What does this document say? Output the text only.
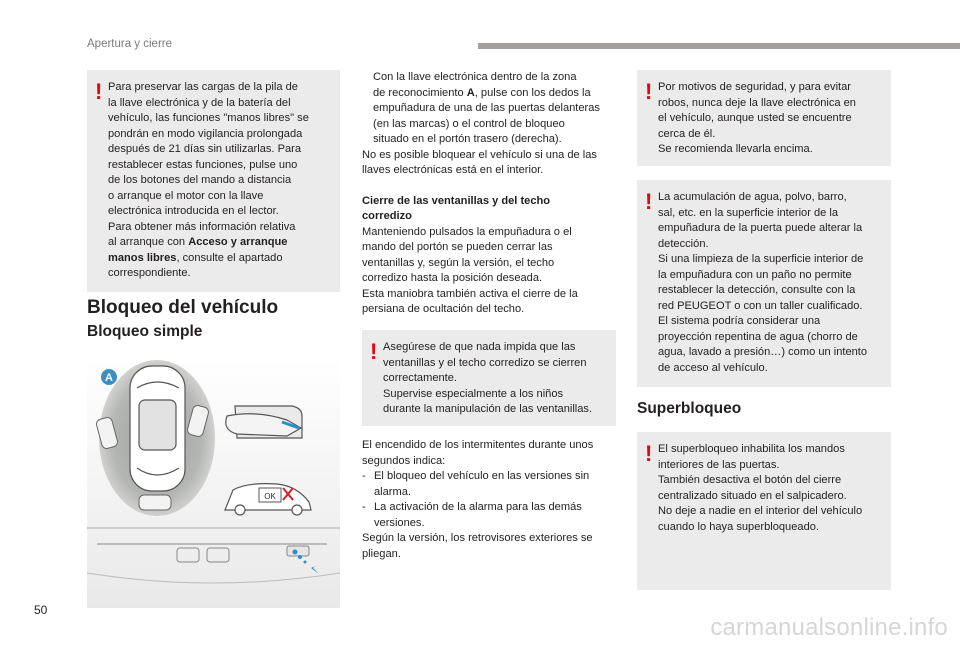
Apertura y cierre
! Para preservar las cargas de la pila de

la llave electrónica y de la batería del

vehículo, las funciones "manos libres" se

pondrán en modo vigilancia prolongada

después de 21 días sin utilizarlas. Para

restablecer estas funciones, pulse uno

de los botones del mando a distancia

o arranque el motor con la llave

electrónica introducida en el lector.

Para obtener más información relativa

al arranque con Acceso y arranque

manos libres, consulte el apartado

correspondiente.

Bloqueo del vehículo
Bloqueo simple
A
OK

Con la llave electrónica dentro de la zona

de reconocimiento A, pulse con los dedos la

empuñadura de una de las puertas delanteras

(en las marcas) o el control de bloqueo

situado en el portón trasero (derecha).

No es posible bloquear el vehículo si una de las

llaves electrónicas está en el interior.

Cierre de las ventanillas y del techo

corredizo

Manteniendo pulsados la empuñadura o el

mando del portón se pueden cerrar las

ventanillas y, según la versión, el techo

corredizo hasta la posición deseada.

Esta maniobra también activa el cierre de la

persiana de ocultación del techo.

! Asegúrese de que nada impida que las

ventanillas y el techo corredizo se cierren

correctamente.

Supervise especialmente a los niños

durante la manipulación de las ventanillas.

El encendido de los intermitentes durante unos

segundos indica:

- El bloqueo del vehículo en las versiones sin

alarma.

- La activación de la alarma para las demás

versiones.

Según la versión, los retrovisores exteriores se

pliegan.

! Por motivos de seguridad, y para evitar

robos, nunca deje la llave electrónica en

el vehículo, aunque usted se encuentre

cerca de él.

Se recomienda llevarla encima.

! La acumulación de agua, polvo, barro,

sal, etc. en la superficie interior de la

empuñadura de la puerta puede alterar la

detección.

Si una limpieza de la superficie interior de

la empuñadura con un paño no permite

restablecer la detección, consulte con la

red PEUGEOT o con un taller cualificado.

El sistema podría considerar una

proyección repentina de agua (chorro de

agua, lavado a presión…) como un intento

de acceso al vehículo.

Superbloqueo
! El superbloqueo inhabilita los mandos

interiores de las puertas.

También desactiva el botón del cierre

centralizado situado en el salpicadero.

No deje a nadie en el interior del vehículo

cuando lo haya superbloqueado.

50
carmanualsonline.info
